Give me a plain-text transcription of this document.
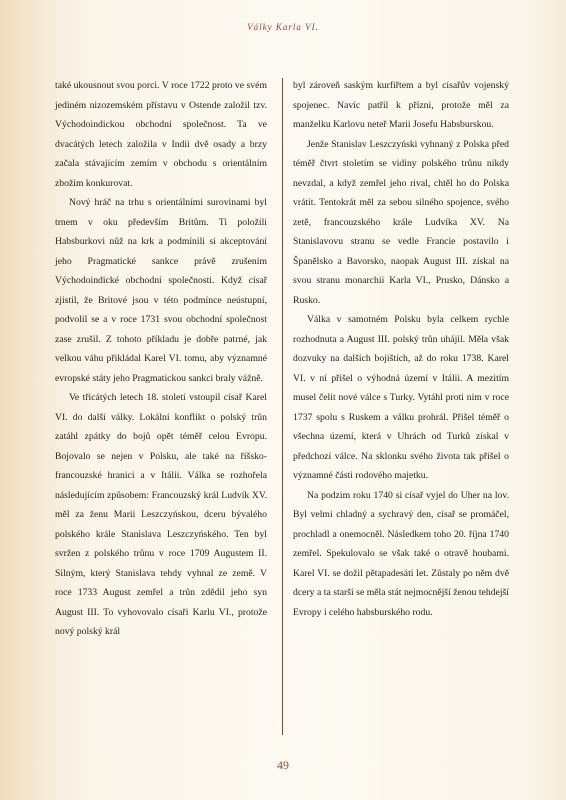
Války Karla VI.

také ukousnout svou porci. V roce 1722 proto ve svém jediném nizozemském přístavu v Ostende založil tzv. Východoindickou obchodní společnost. Ta ve dvacátých letech založila v Indii dvě osady a brzy začala stávajícím zemím v obchodu s orientálním zbožím konkurovat.

Nový hráč na trhu s orientálními surovinami byl trnem v oku především Britům. Ti položili Habsburkovi nůž na krk a podmínili si akceptování jeho Pragmatické sankce právě zrušením Východoindické obchodní společnosti. Když císař zjistil, že Britové jsou v této podmínce neústupní, podvolil se a v roce 1731 svou obchodní společnost zase zrušil. Z tohoto příkladu je dobře patrné, jak velkou váhu přikládal Karel VI. tomu, aby významné evropské státy jeho Pragmatickou sankci braly vážně.

Ve třicátých letech 18. století vstoupil císař Karel VI. do další války. Lokální konflikt o polský trůn zatáhl zpátky do bojů opět téměř celou Evropu. Bojovalo se nejen v Polsku, ale také na říšsko-francouzské hranici a v Itálii. Válka se rozhořela následujícím způsobem: Francouzský král Ludvík XV. měl za ženu Marii Leszczyńskou, dceru bývalého polského krále Stanislava Leszczyńského. Ten byl svržen z polského trůnu v roce 1709 Augustem II. Silným, který Stanislava tehdy vyhnal ze země. V roce 1733 August zemřel a trůn zdědil jeho syn August III. To vyhovovalo císaři Karlu VI., protože nový polský král

byl zároveň saským kurfiřtem a byl císařův vojenský spojenec. Navíc patřil k přízni, protože měl za manželku Karlovu neteř Marii Josefu Habsburskou.

Jenže Stanislav Leszczyński vyhnaný z Polska před téměř čtvrt stoletím se vidiny polského trůnu nikdy nevzdal, a když zemřel jeho rival, chtěl ho do Polska vrátit. Tentokrát měl za sebou silného spojence, svého zetě, francouzského krále Ludvíka XV. Na Stanislavovu stranu se vedle Francie postavilo i Španělsko a Bavorsko, naopak August III. získal na svou stranu monarchii Karla VI., Prusko, Dánsko a Rusko.

Válka v samotném Polsku byla celkem rychle rozhodnuta a August III. polský trůn uhájil. Měla však dozvuky na dalších bojištích, až do roku 1738. Karel VI. v ní přišel o výhodná území v Itálii. A mezitím musel čelit nové válce s Turky. Vytáhl proti nim v roce 1737 spolu s Ruskem a válku prohrál. Přišel téměř o všechna území, která v Uhrách od Turků získal v předchozí válce. Na sklonku svého života tak přišel o významné části rodového majetku.

Na podzim roku 1740 si císař vyjel do Uher na lov. Byl velmi chladný a sychravý den, císař se promáčel, prochladl a onemocněl. Následkem toho 20. října 1740 zemřel. Spekulovalo se však také o otravě houbami. Karel VI. se dožil pětapadesáti let. Zůstaly po něm dvě dcery a ta starší se měla stát nejmocnější ženou tehdejší Evropy i celého habsburského rodu.

49
